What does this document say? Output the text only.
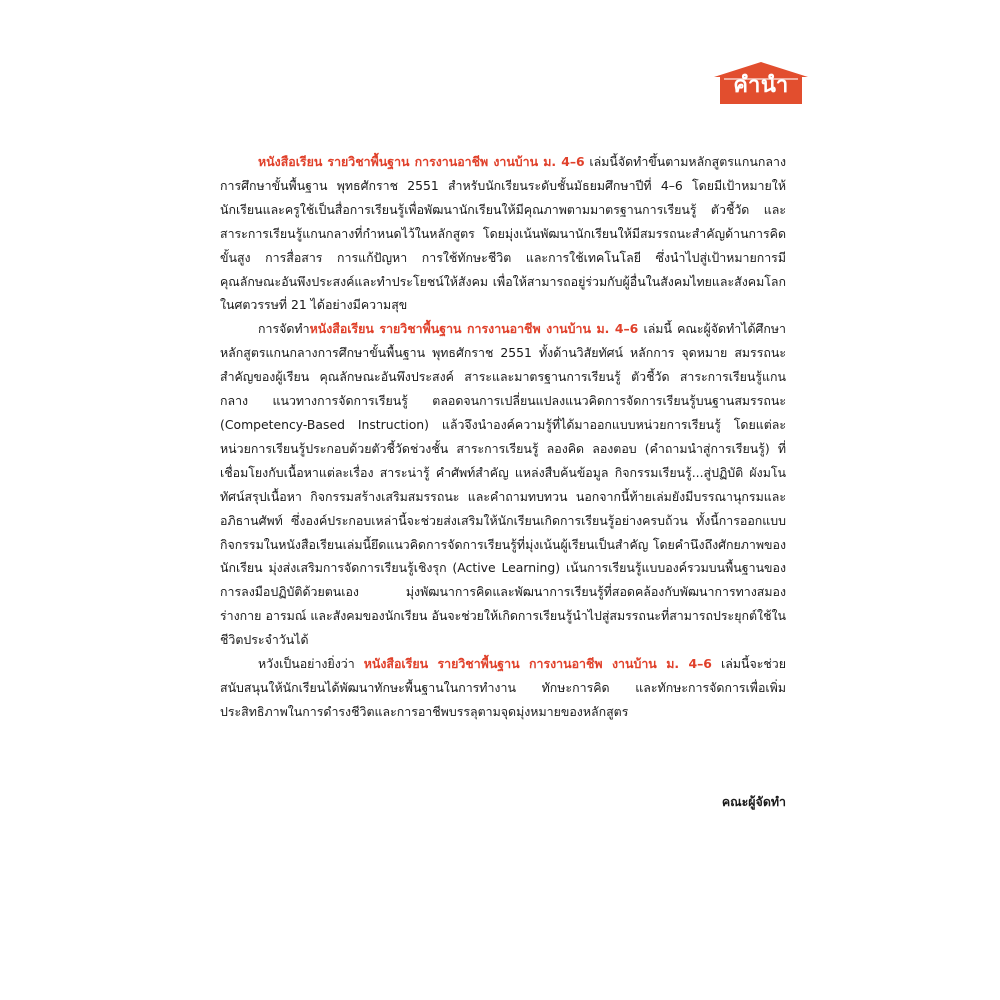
คำนำ

หนังสือเรียน รายวิชาพื้นฐาน การงานอาชีพ งานบ้าน ม. 4–6 เล่มนี้จัดทำขึ้นตามหลักสูตรแกนกลางการศึกษาขั้นพื้นฐาน พุทธศักราช 2551 สำหรับนักเรียนระดับชั้นมัธยมศึกษาปีที่ 4–6 โดยมีเป้าหมายให้นักเรียนและครูใช้เป็นสื่อการเรียนรู้เพื่อพัฒนานักเรียนให้มีคุณภาพตามมาตรฐานการเรียนรู้ ตัวชี้วัด และสาระการเรียนรู้แกนกลางที่กำหนดไว้ในหลักสูตร โดยมุ่งเน้นพัฒนานักเรียนให้มีสมรรถนะสำคัญด้านการคิดขั้นสูง การสื่อสาร การแก้ปัญหา การใช้ทักษะชีวิต และการใช้เทคโนโลยี ซึ่งนำไปสู่เป้าหมายการมีคุณลักษณะอันพึงประสงค์และทำประโยชน์ให้สังคม เพื่อให้สามารถอยู่ร่วมกับผู้อื่นในสังคมไทยและสังคมโลกในศตวรรษที่ 21 ได้อย่างมีความสุข

การจัดทำหนังสือเรียน รายวิชาพื้นฐาน การงานอาชีพ งานบ้าน ม. 4–6 เล่มนี้ คณะผู้จัดทำได้ศึกษาหลักสูตรแกนกลางการศึกษาขั้นพื้นฐาน พุทธศักราช 2551 ทั้งด้านวิสัยทัศน์ หลักการ จุดหมาย สมรรถนะสำคัญของผู้เรียน คุณลักษณะอันพึงประสงค์ สาระและมาตรฐานการเรียนรู้ ตัวชี้วัด สาระการเรียนรู้แกนกลาง แนวทางการจัดการเรียนรู้ ตลอดจนการเปลี่ยนแปลงแนวคิดการจัดการเรียนรู้บนฐานสมรรถนะ (Competency-Based Instruction) แล้วจึงนำองค์ความรู้ที่ได้มาออกแบบหน่วยการเรียนรู้ โดยแต่ละหน่วยการเรียนรู้ประกอบด้วยตัวชี้วัดช่วงชั้น สาระการเรียนรู้ ลองคิด ลองตอบ (คำถามนำสู่การเรียนรู้) ที่เชื่อมโยงกับเนื้อหาแต่ละเรื่อง สาระน่ารู้ คำศัพท์สำคัญ แหล่งสืบค้นข้อมูล กิจกรรมเรียนรู้...สู่ปฏิบัติ ผังมโนทัศน์สรุปเนื้อหา กิจกรรมสร้างเสริมสมรรถนะ และคำถามทบทวน นอกจากนี้ท้ายเล่มยังมีบรรณานุกรมและอภิธานศัพท์ ซึ่งองค์ประกอบเหล่านี้จะช่วยส่งเสริมให้นักเรียนเกิดการเรียนรู้อย่างครบถ้วน ทั้งนี้การออกแบบกิจกรรมในหนังสือเรียนเล่มนี้ยึดแนวคิดการจัดการเรียนรู้ที่มุ่งเน้นผู้เรียนเป็นสำคัญ โดยคำนึงถึงศักยภาพของนักเรียน มุ่งส่งเสริมการจัดการเรียนรู้เชิงรุก (Active Learning) เน้นการเรียนรู้แบบองค์รวมบนพื้นฐานของการลงมือปฏิบัติด้วยตนเอง มุ่งพัฒนาการคิดและพัฒนาการเรียนรู้ที่สอดคล้องกับพัฒนาการทางสมอง ร่างกาย อารมณ์ และสังคมของนักเรียน อันจะช่วยให้เกิดการเรียนรู้นำไปสู่สมรรถนะที่สามารถประยุกต์ใช้ในชีวิตประจำวันได้

หวังเป็นอย่างยิ่งว่า หนังสือเรียน รายวิชาพื้นฐาน การงานอาชีพ งานบ้าน ม. 4–6 เล่มนี้จะช่วยสนับสนุนให้นักเรียนได้พัฒนาทักษะพื้นฐานในการทำงาน ทักษะการคิด และทักษะการจัดการเพื่อเพิ่มประสิทธิภาพในการดำรงชีวิตและการอาชีพบรรลุตามจุดมุ่งหมายของหลักสูตร

คณะผู้จัดทำ
